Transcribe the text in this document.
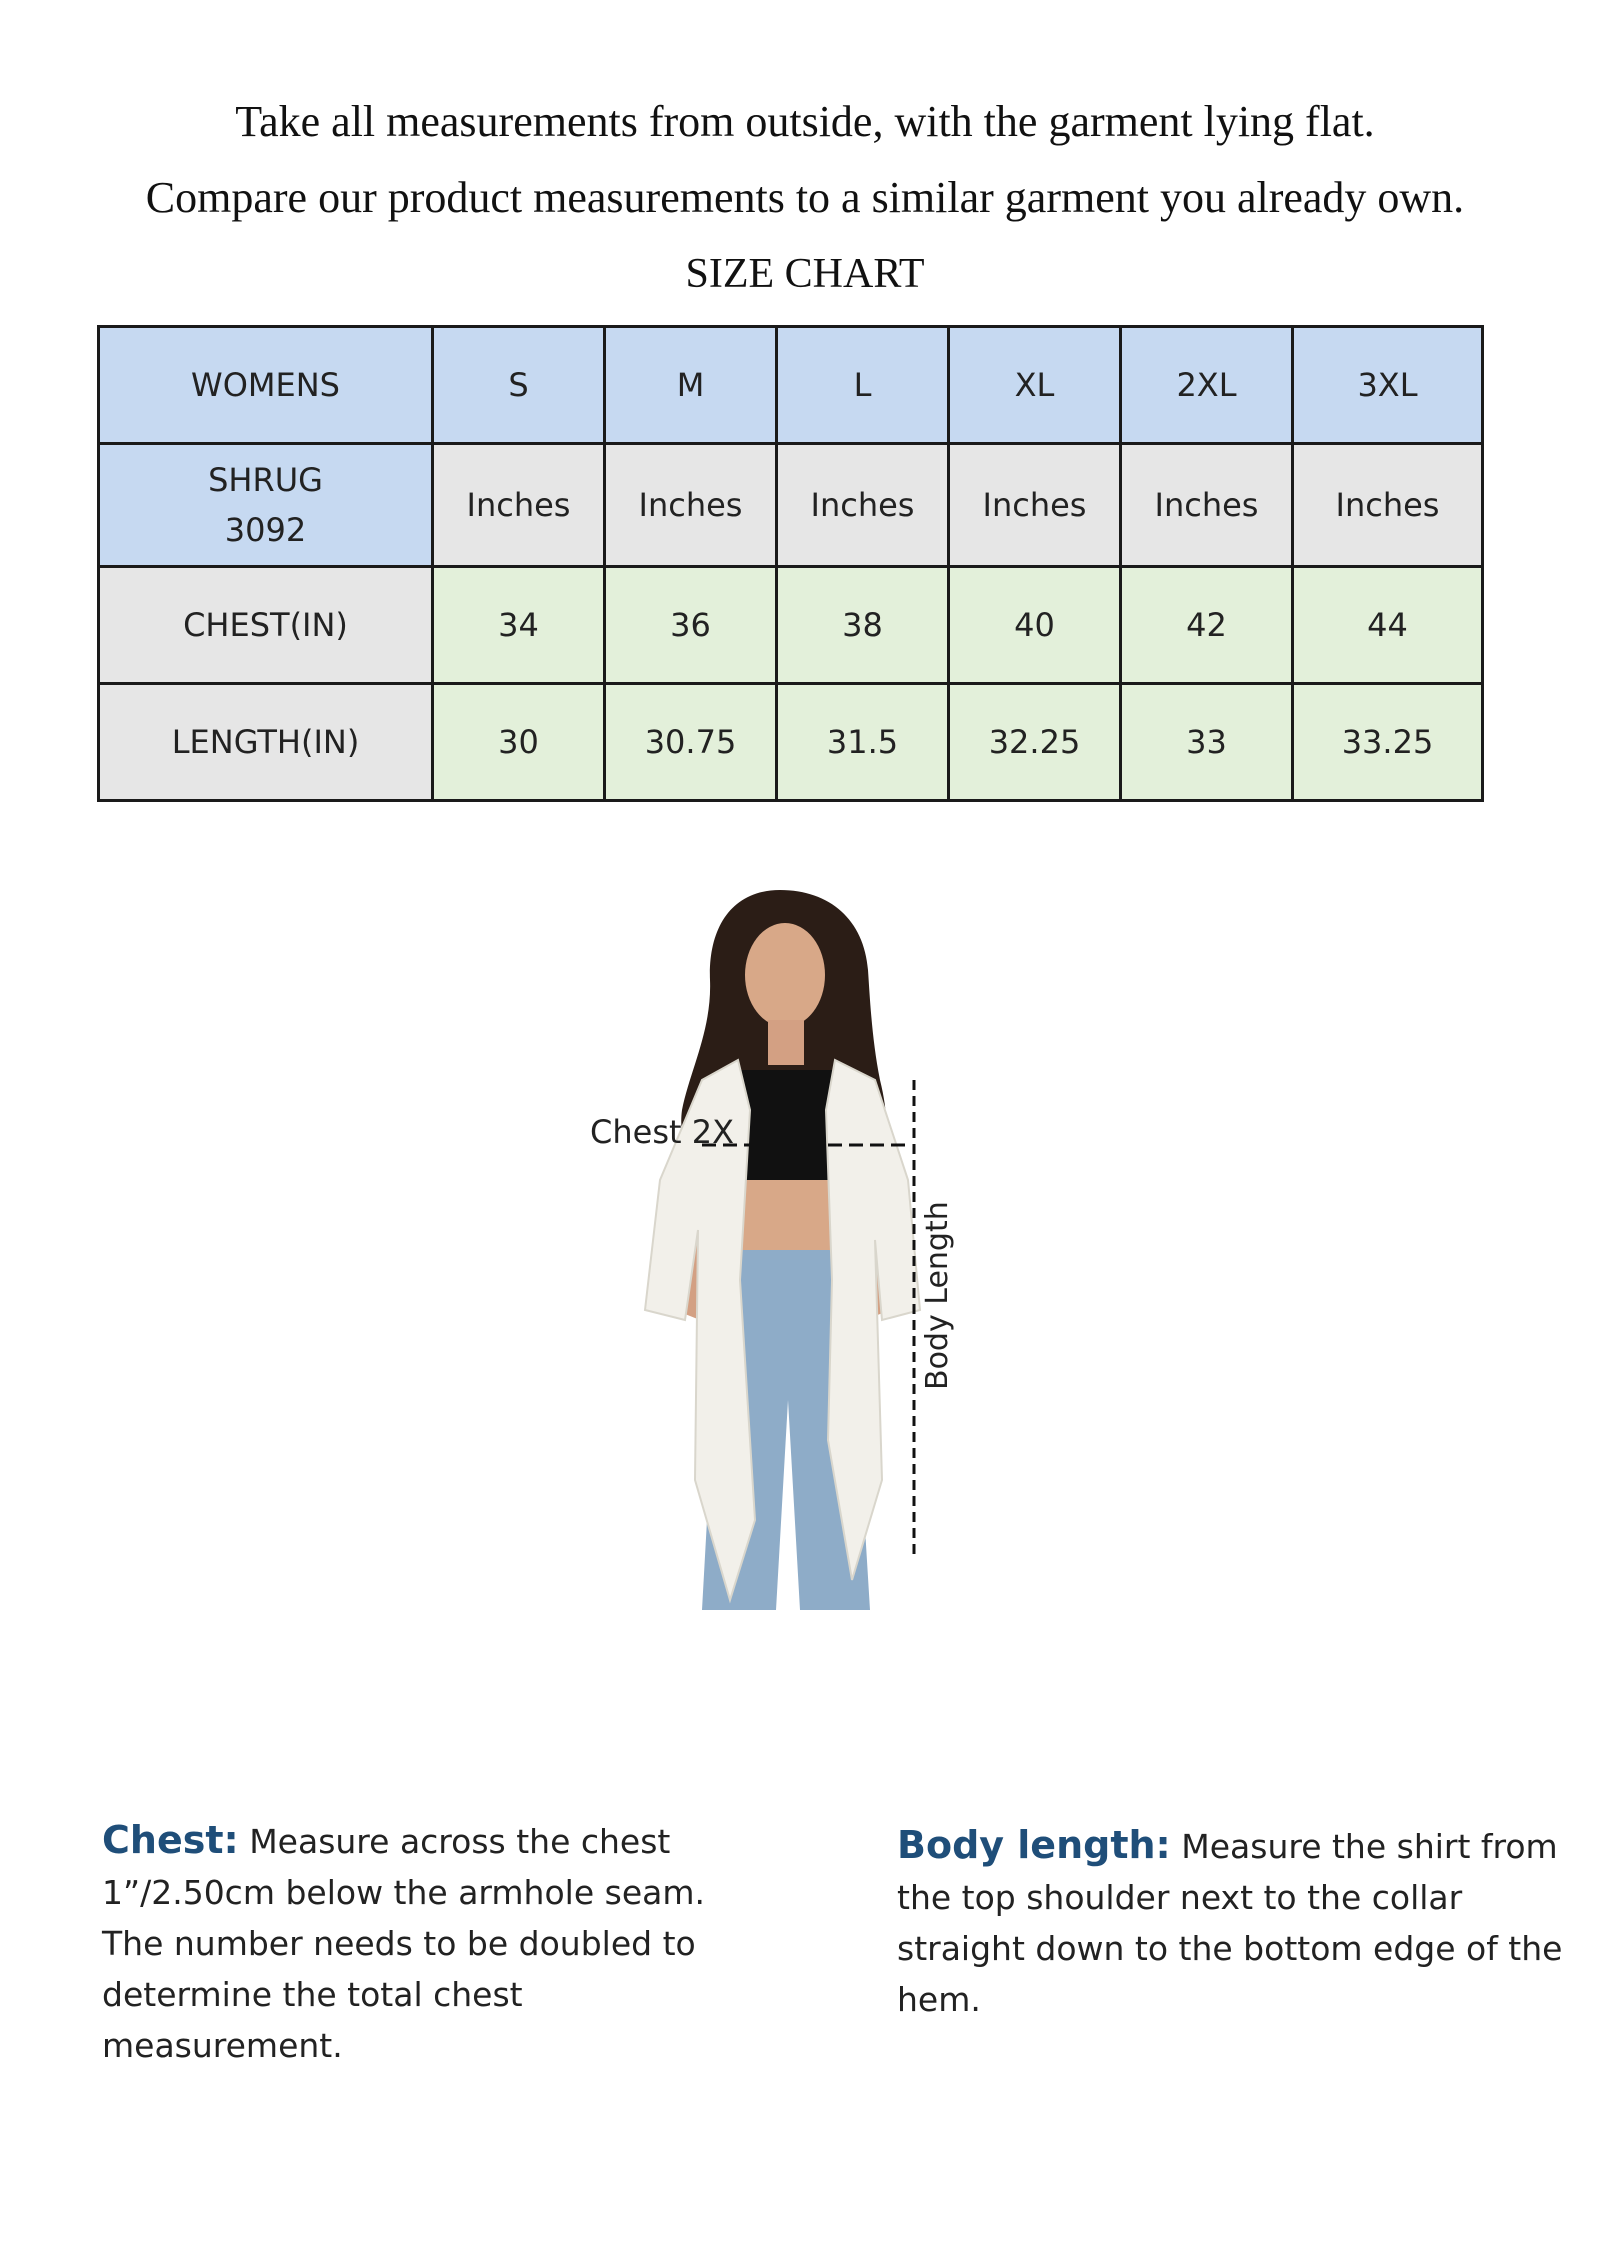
Take all measurements from outside, with the garment lying flat.
Compare our product measurements to a similar garment you already own.
SIZE CHART
WOMENS	S	M	L	XL	2XL	3XL

SHRUG
3092	Inches	Inches	Inches	Inches	Inches	Inches
CHEST(IN)	34	36	38	40	42	44
LENGTH(IN)	30	30.75	31.5	32.25	33	33.25
Chest 2X
Body Length
Chest: Measure across the chest 1”/2.50cm below the armhole seam. The number needs to be doubled to determine the total chest measurement.
Body length: Measure the shirt from the top shoulder next to the collar straight down to the bottom edge of the hem.
